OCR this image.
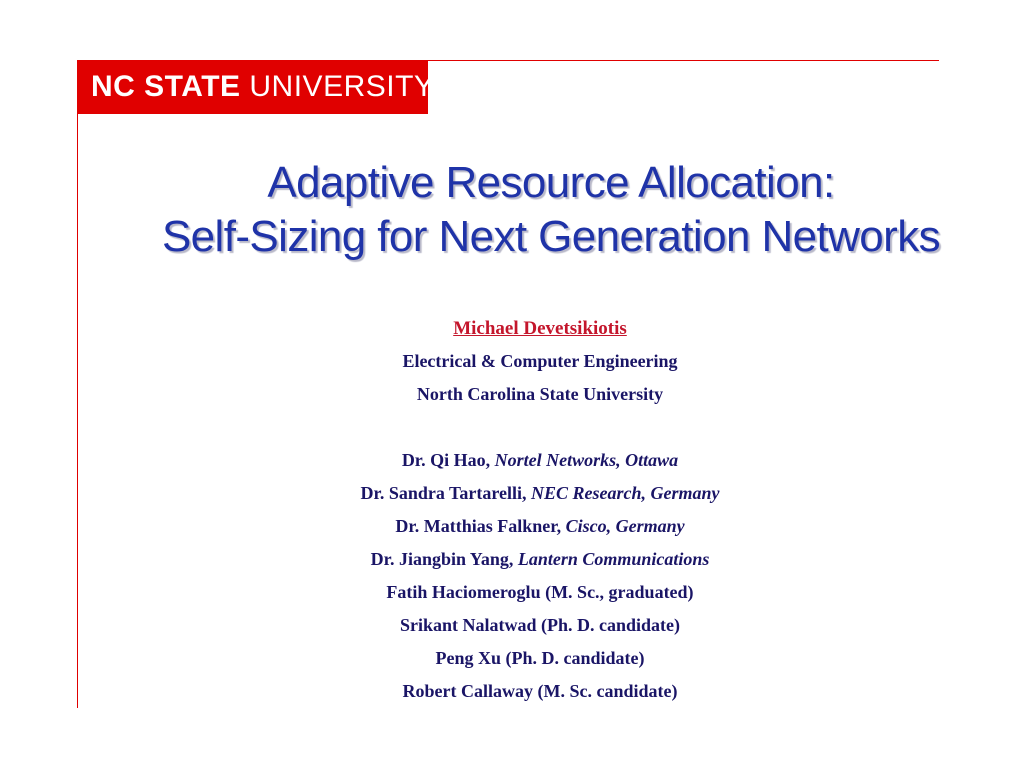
NC STATE UNIVERSITY
Adaptive Resource Allocation:
Self-Sizing for Next Generation Networks
Michael Devetsikiotis
Electrical & Computer Engineering
North Carolina State University
Dr. Qi Hao, Nortel Networks, Ottawa
Dr. Sandra Tartarelli, NEC Research, Germany
Dr. Matthias Falkner, Cisco, Germany
Dr. Jiangbin Yang, Lantern Communications
Fatih Haciomeroglu (M. Sc., graduated)
Srikant Nalatwad (Ph. D. candidate)
Peng Xu (Ph. D. candidate)
Robert Callaway (M. Sc. candidate)
